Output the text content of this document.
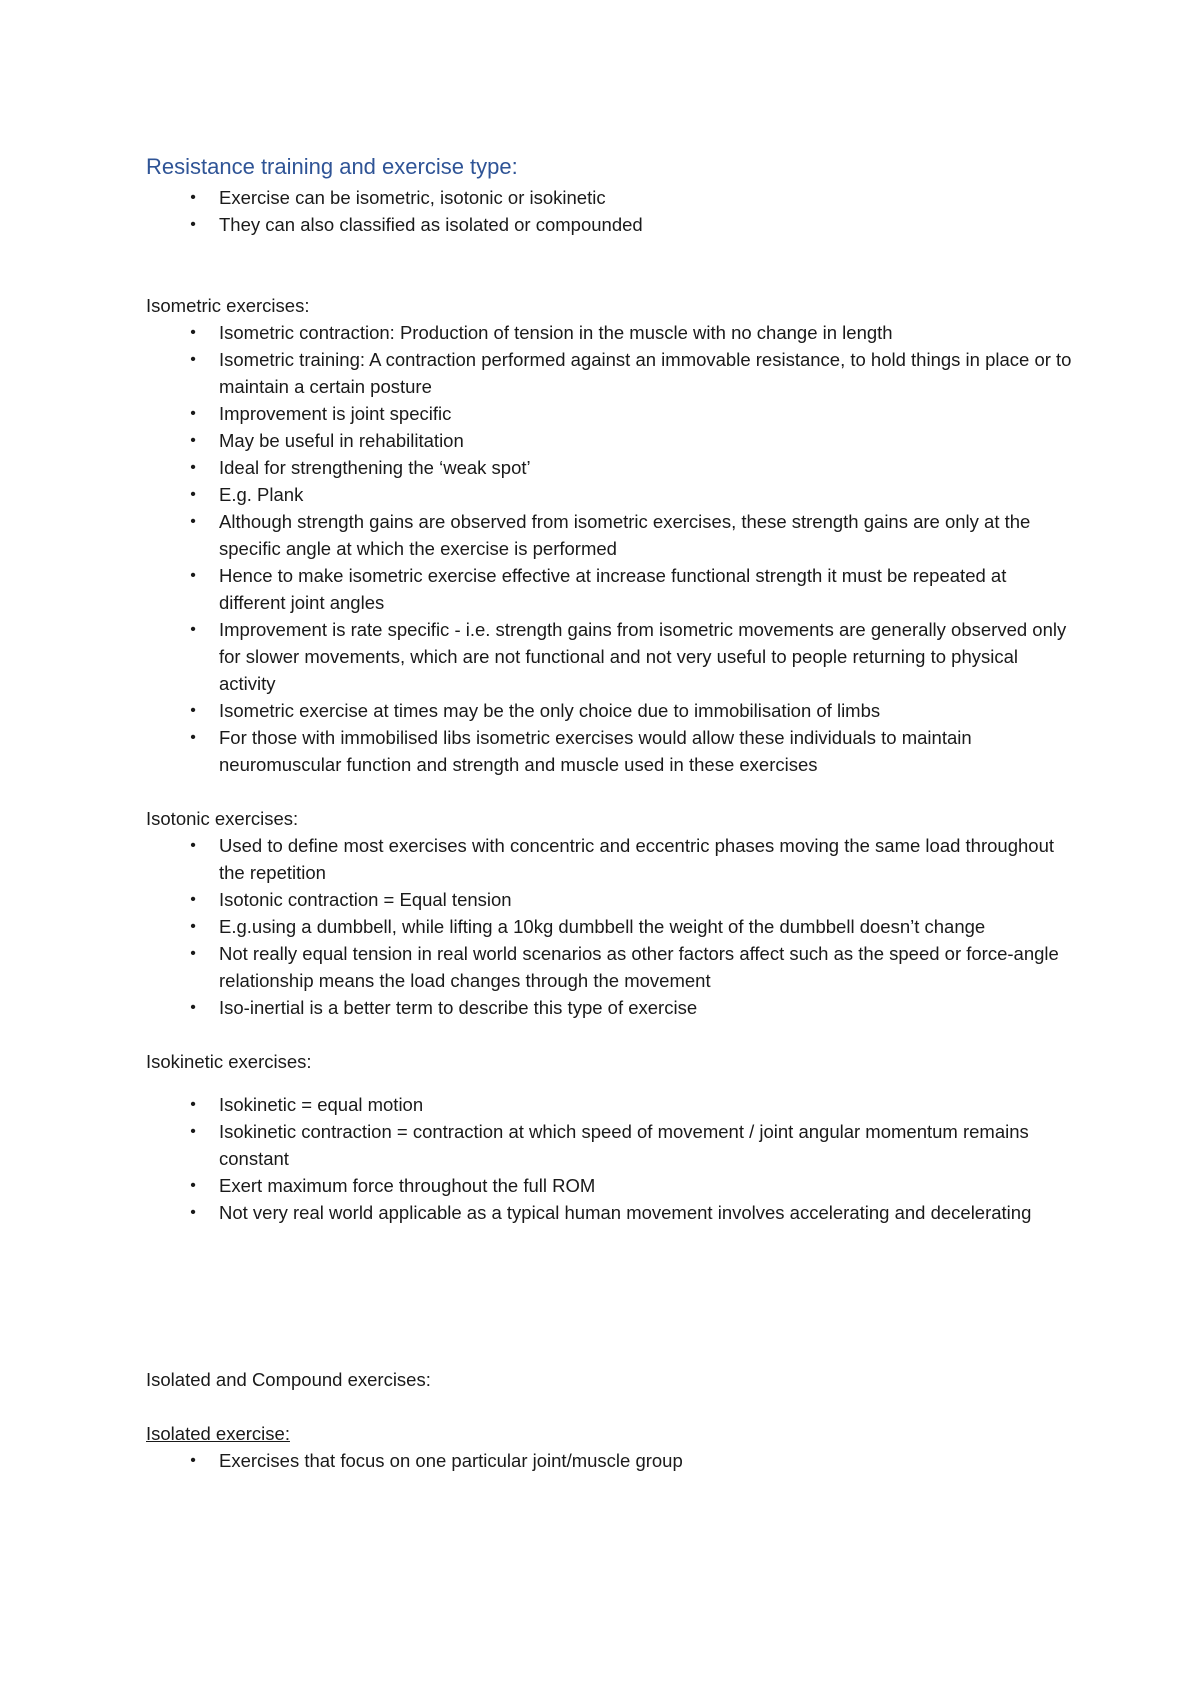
Resistance training and exercise type:
• Exercise can be isometric, isotonic or isokinetic
• They can also classified as isolated or compounded

Isometric exercises:

• Isometric contraction: Production of tension in the muscle with no change in length
• Isometric training: A contraction performed against an immovable resistance, to hold things in place or to maintain a certain posture
• Improvement is joint specific
• May be useful in rehabilitation
• Ideal for strengthening the ‘weak spot’
• E.g. Plank
• Although strength gains are observed from isometric exercises, these strength gains are only at the specific angle at which the exercise is performed
• Hence to make isometric exercise effective at increase functional strength it must be repeated at different joint angles
• Improvement is rate specific - i.e. strength gains from isometric movements are generally observed only for slower movements, which are not functional and not very useful to people returning to physical activity
• Isometric exercise at times may be the only choice due to immobilisation of limbs
• For those with immobilised libs isometric exercises would allow these individuals to maintain neuromuscular function and strength and muscle used in these exercises

Isotonic exercises:

• Used to define most exercises with concentric and eccentric phases moving the same load throughout the repetition
• Isotonic contraction = Equal tension
• E.g.using a dumbbell, while lifting a 10kg dumbbell the weight of the dumbbell doesn’t change
• Not really equal tension in real world scenarios as other factors affect such as the speed or force-angle relationship means the load changes through the movement
• Iso-inertial is a better term to describe this type of exercise

Isokinetic exercises:

• Isokinetic = equal motion
• Isokinetic contraction = contraction at which speed of movement / joint angular momentum remains constant
• Exert maximum force throughout the full ROM
• Not very real world applicable as a typical human movement involves accelerating and decelerating

Isolated and Compound exercises:

Isolated exercise:

• Exercises that focus on one particular joint/muscle group
